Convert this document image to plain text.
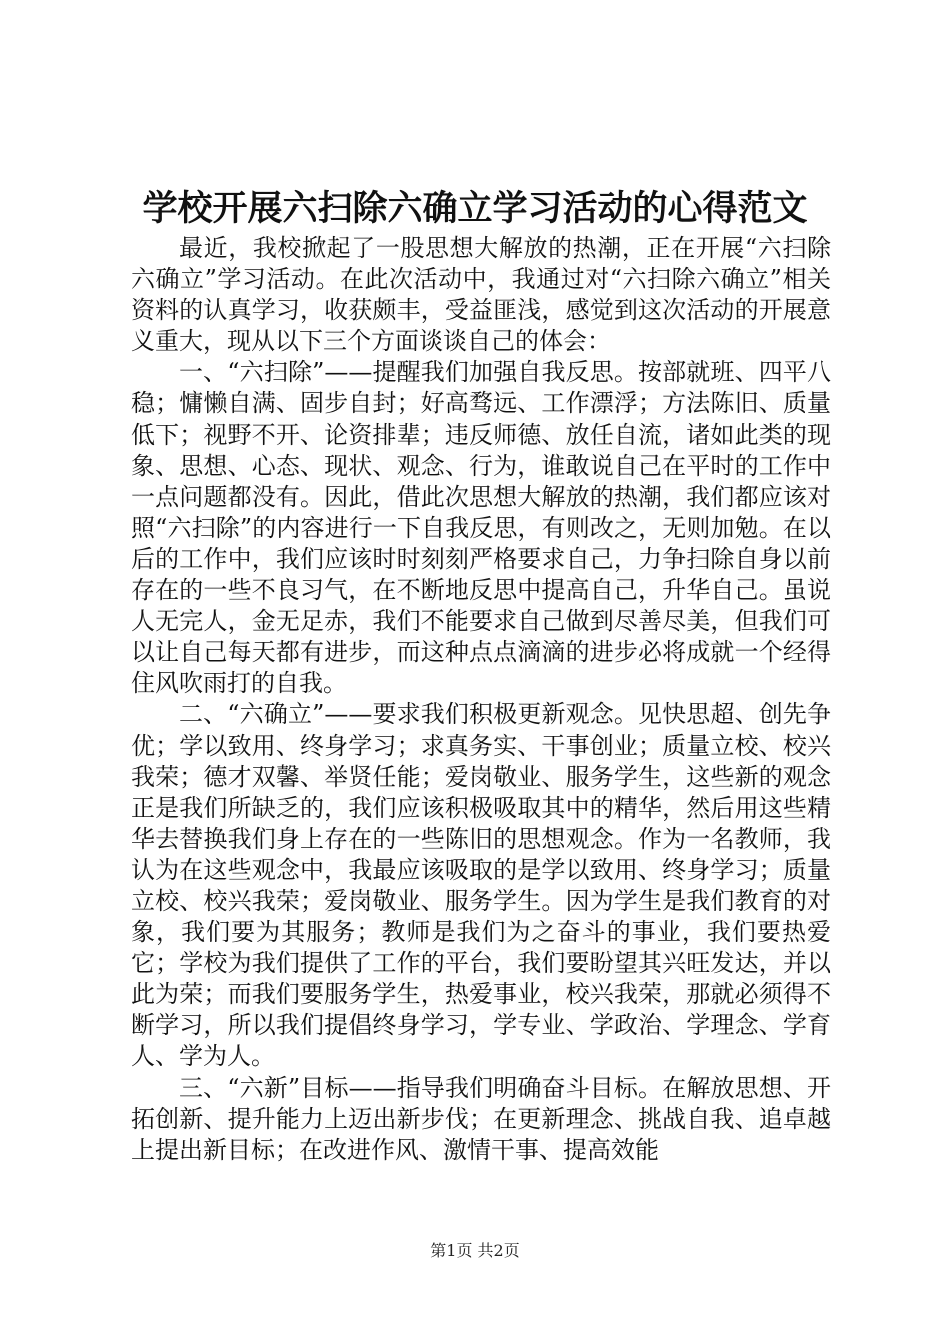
学校开展六扫除六确立学习活动的心得范文

最近，我校掀起了一股思想大解放的热潮，正在开展“六扫除六确立”学习活动。在此次活动中，我通过对“六扫除六确立”相关资料的认真学习，收获颇丰，受益匪浅，感觉到这次活动的开展意义重大，现从以下三个方面谈谈自己的体会：

一、“六扫除”——提醒我们加强自我反思。按部就班、四平八稳；慵懒自满、固步自封；好高骛远、工作漂浮；方法陈旧、质量低下；视野不开、论资排辈；违反师德、放任自流，诸如此类的现象、思想、心态、现状、观念、行为，谁敢说自己在平时的工作中一点问题都没有。因此，借此次思想大解放的热潮，我们都应该对照“六扫除”的内容进行一下自我反思，有则改之，无则加勉。在以后的工作中，我们应该时时刻刻严格要求自己，力争扫除自身以前存在的一些不良习气，在不断地反思中提高自己，升华自己。虽说人无完人，金无足赤，我们不能要求自己做到尽善尽美，但我们可以让自己每天都有进步，而这种点点滴滴的进步必将成就一个经得住风吹雨打的自我。

二、“六确立”——要求我们积极更新观念。见快思超、创先争优；学以致用、终身学习；求真务实、干事创业；质量立校、校兴我荣；德才双馨、举贤任能；爱岗敬业、服务学生，这些新的观念正是我们所缺乏的，我们应该积极吸取其中的精华，然后用这些精华去替换我们身上存在的一些陈旧的思想观念。作为一名教师，我认为在这些观念中，我最应该吸取的是学以致用、终身学习；质量立校、校兴我荣；爱岗敬业、服务学生。因为学生是我们教育的对象，我们要为其服务；教师是我们为之奋斗的事业，我们要热爱它；学校为我们提供了工作的平台，我们要盼望其兴旺发达，并以此为荣；而我们要服务学生，热爱事业，校兴我荣，那就必须得不断学习，所以我们提倡终身学习，学专业、学政治、学理念、学育人、学为人。

三、“六新”目标——指导我们明确奋斗目标。在解放思想、开拓创新、提升能力上迈出新步伐；在更新理念、挑战自我、追卓越上提出新目标；在改进作风、激情干事、提高效能

第1页 共2页
